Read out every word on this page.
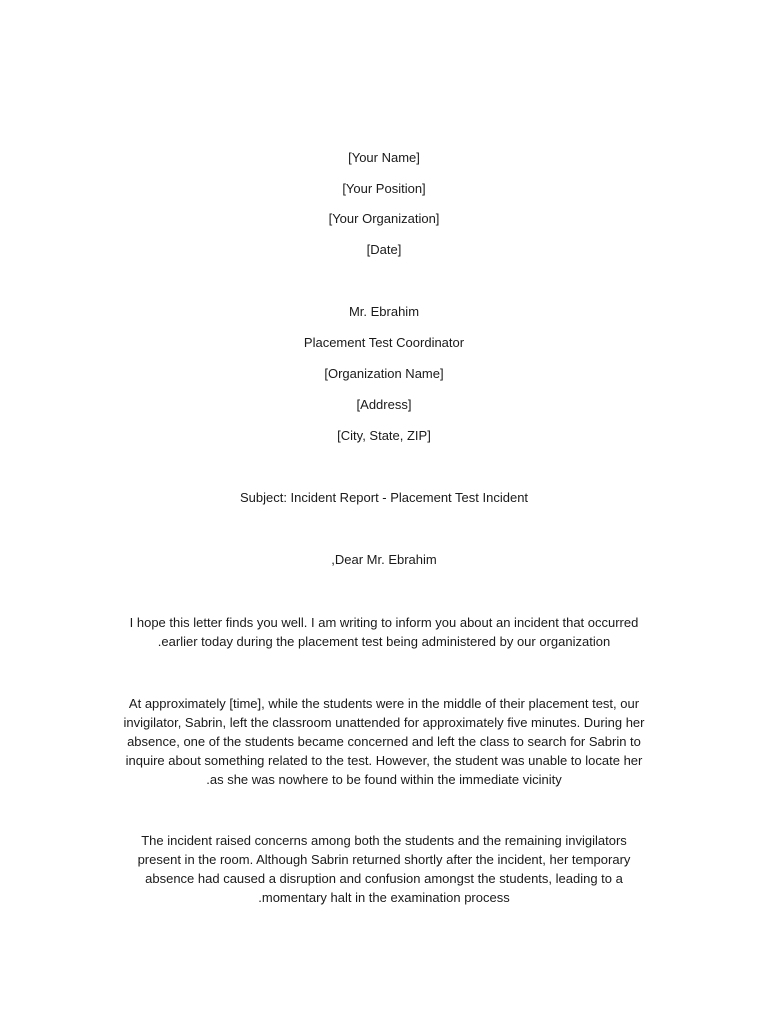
[Your Name]
[Your Position]
[Your Organization]
[Date]
Mr. Ebrahim
Placement Test Coordinator
[Organization Name]
[Address]
[City, State, ZIP]
Subject: Incident Report - Placement Test Incident
,Dear Mr. Ebrahim
I hope this letter finds you well. I am writing to inform you about an incident that occurred
.earlier today during the placement test being administered by our organization
At approximately [time], while the students were in the middle of their placement test, our
invigilator, Sabrin, left the classroom unattended for approximately five minutes. During her
absence, one of the students became concerned and left the class to search for Sabrin to
inquire about something related to the test. However, the student was unable to locate her
.as she was nowhere to be found within the immediate vicinity
The incident raised concerns among both the students and the remaining invigilators
present in the room. Although Sabrin returned shortly after the incident, her temporary
absence had caused a disruption and confusion amongst the students, leading to a
.momentary halt in the examination process
